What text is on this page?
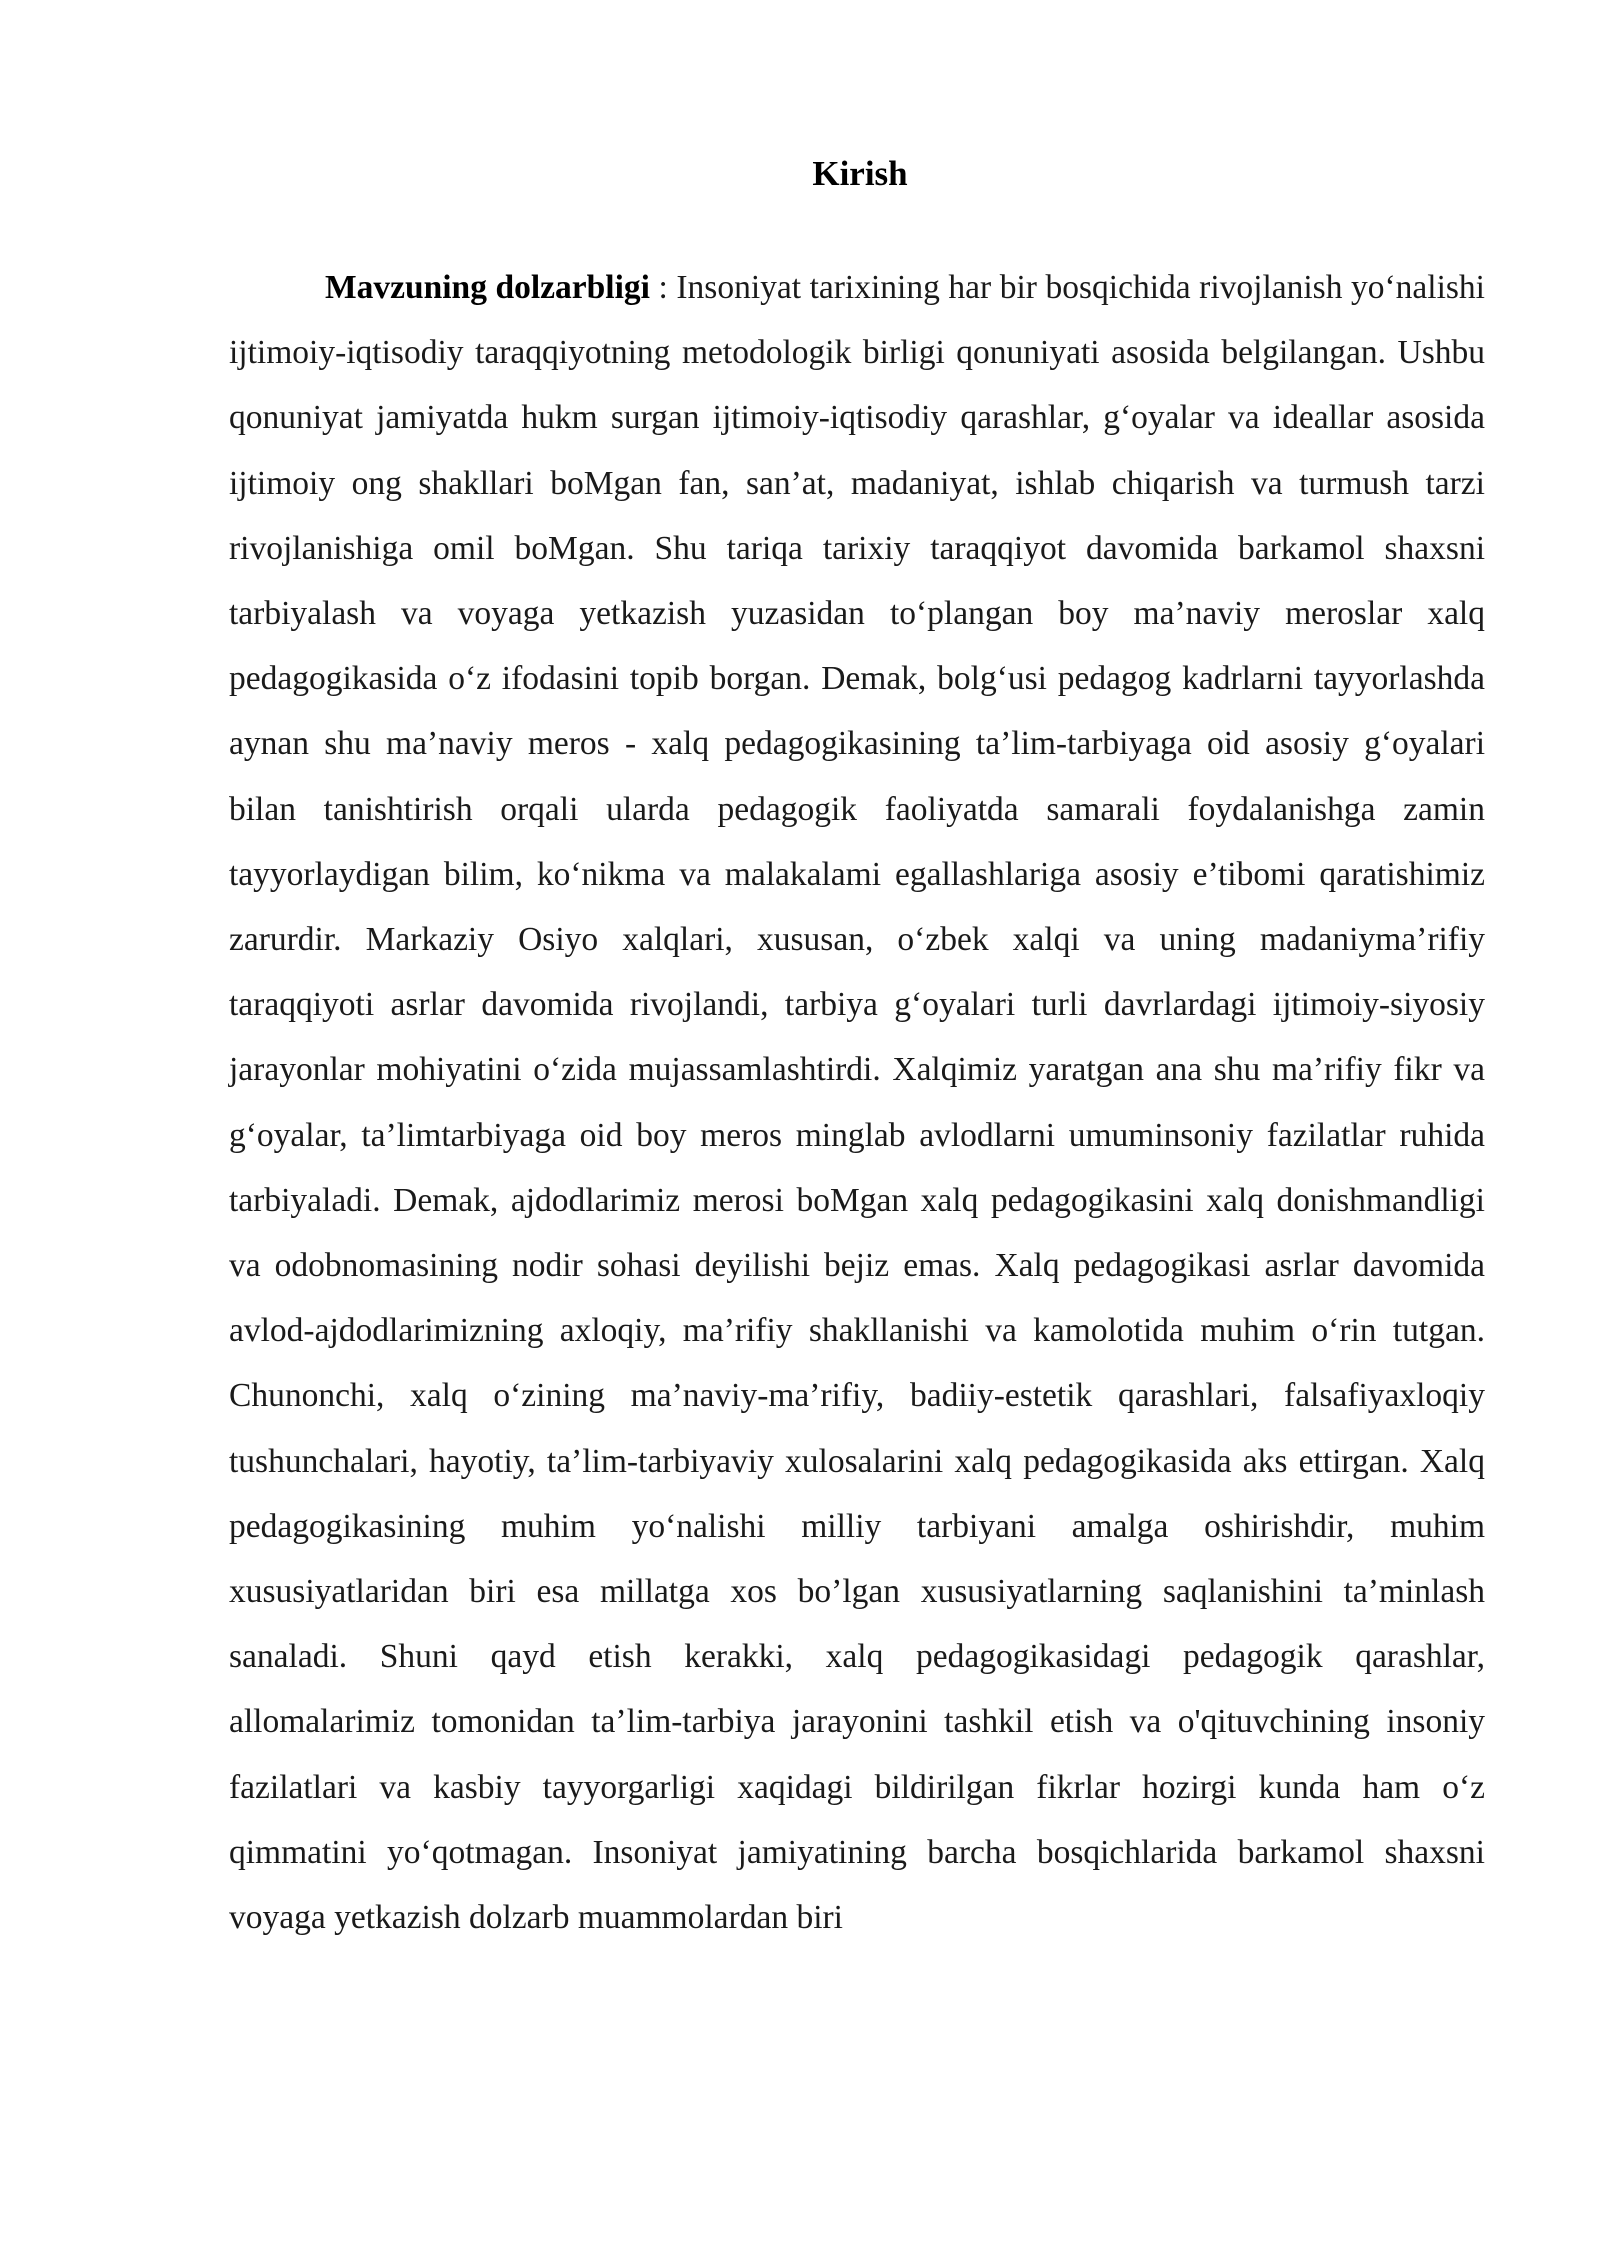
Kirish

Mavzuning dolzarbligi : Insoniyat tarixining har bir bosqichida rivojlanish yo‘nalishi ijtimoiy-iqtisodiy taraqqiyotning metodologik birligi qonuniyati asosida belgilangan. Ushbu qonuniyat jamiyatda hukm surgan ijtimoiy-iqtisodiy qarashlar, g‘oyalar va ideallar asosida ijtimoiy ong shakllari boMgan fan, san’at, madaniyat, ishlab chiqarish va turmush tarzi rivojlanishiga omil boMgan. Shu tariqa tarixiy taraqqiyot davomida barkamol shaxsni tarbiyalash va voyaga yetkazish yuzasidan to‘plangan boy ma’naviy meroslar xalq pedagogikasida o‘z ifodasini topib borgan. Demak, bolg‘usi pedagog kadrlarni tayyorlashda aynan shu ma’naviy meros - xalq pedagogikasining ta’lim-tarbiyaga oid asosiy g‘oyalari bilan tanishtirish orqali ularda pedagogik faoliyatda samarali foydalanishga zamin tayyorlaydigan bilim, ko‘nikma va malakalami egallashlariga asosiy e’tibomi qaratishimiz zarurdir. Markaziy Osiyo xalqlari, xususan, o‘zbek xalqi va uning madaniyma’rifiy taraqqiyoti asrlar davomida rivojlandi, tarbiya g‘oyalari turli davrlardagi ijtimoiy-siyosiy jarayonlar mohiyatini o‘zida mujassamlashtirdi. Xalqimiz yaratgan ana shu ma’rifiy fikr va g‘oyalar, ta’limtarbiyaga oid boy meros minglab avlodlarni umuminsoniy fazilatlar ruhida tarbiyaladi. Demak, ajdodlarimiz merosi boMgan xalq pedagogikasini xalq donishmandligi va odobnomasining nodir sohasi deyilishi bejiz emas. Xalq pedagogikasi asrlar davomida avlod-ajdodlarimizning axloqiy, ma’rifiy shakllanishi va kamolotida muhim o‘rin tutgan. Chunonchi, xalq o‘zining ma’naviy-ma’rifiy, badiiy-estetik qarashlari, falsafiyaxloqiy tushunchalari, hayotiy, ta’lim-tarbiyaviy xulosalarini xalq pedagogikasida aks ettirgan. Xalq pedagogikasining muhim yo‘nalishi milliy tarbiyani amalga oshirishdir, muhim xususiyatlaridan biri esa millatga xos bo’lgan xususiyatlarning saqlanishini ta’minlash sanaladi. Shuni qayd etish kerakki, xalq pedagogikasidagi pedagogik qarashlar, allomalarimiz tomonidan ta’lim-tarbiya jarayonini tashkil etish va o'qituvchining insoniy fazilatlari va kasbiy tayyorgarligi xaqidagi bildirilgan fikrlar hozirgi kunda ham o‘z qimmatini yo‘qotmagan. Insoniyat jamiyatining barcha bosqichlarida barkamol shaxsni voyaga yetkazish dolzarb muammolardan biri
